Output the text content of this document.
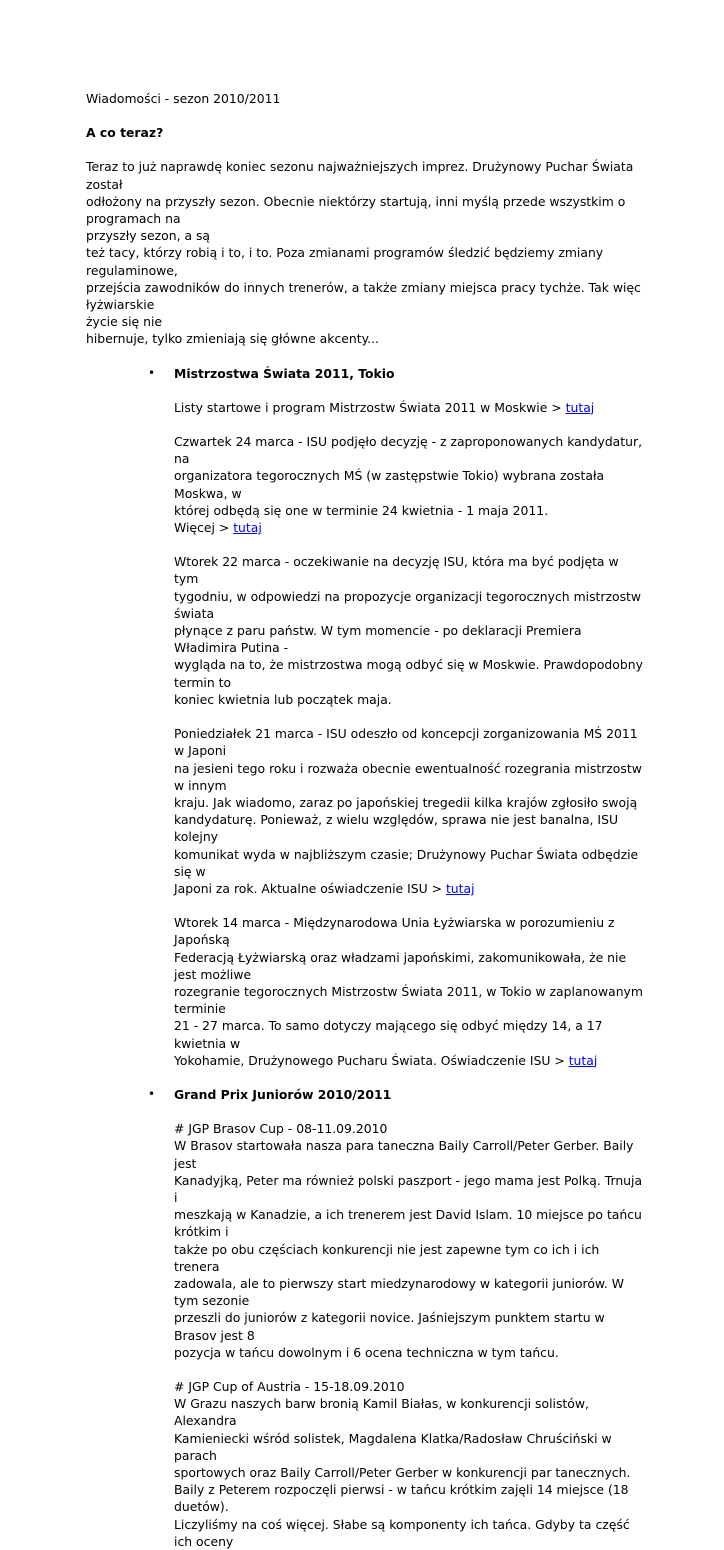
Wiadomości - sezon 2010/2011

A co teraz?

Teraz to już naprawdę koniec sezonu najważniejszych imprez. Drużynowy Puchar Świata został

odłożony na przyszły sezon. Obecnie niektórzy startują, inni myślą przede wszystkim o programach na

przyszły sezon, a są

też tacy, którzy robią i to, i to. Poza zmianami programów śledzić będziemy zmiany regulaminowe,

przejścia zawodników do innych trenerów, a także zmiany miejsca pracy tychże. Tak więc łyżwiarskie

życie się nie

hibernuje, tylko zmieniają się główne akcenty...

• Mistrzostwa Świata 2011, Tokio

Listy startowe i program Mistrzostw Świata 2011 w Moskwie > tutaj

Czwartek 24 marca - ISU podjęło decyzję - z zaproponowanych kandydatur, na

organizatora tegorocznych MŚ (w zastępstwie Tokio) wybrana została Moskwa, w

której odbędą się one w terminie 24 kwietnia - 1 maja 2011.

Więcej > tutaj

Wtorek 22 marca - oczekiwanie na decyzję ISU, która ma być podjęta w tym

tygodniu, w odpowiedzi na propozycje organizacji tegorocznych mistrzostw świata

płynące z paru państw. W tym momencie - po deklaracji Premiera Władimira Putina -

wygląda na to, że mistrzostwa mogą odbyć się w Moskwie. Prawdopodobny termin to

koniec kwietnia lub początek maja.

Poniedziałek 21 marca - ISU odeszło od koncepcji zorganizowania MŚ 2011 w Japoni

na jesieni tego roku i rozważa obecnie ewentualność rozegrania mistrzostw w innym

kraju. Jak wiadomo, zaraz po japońskiej tregedii kilka krajów zgłosiło swoją

kandydaturę. Ponieważ, z wielu względów, sprawa nie jest banalna, ISU kolejny

komunikat wyda w najbliższym czasie; Drużynowy Puchar Świata odbędzie się w

Japoni za rok. Aktualne oświadczenie ISU > tutaj

Wtorek 14 marca - Międzynarodowa Unia Łyżwiarska w porozumieniu z Japońską

Federacją Łyżwiarską oraz władzami japońskimi, zakomunikowała, że nie jest możliwe

rozegranie tegorocznych Mistrzostw Świata 2011, w Tokio w zaplanowanym terminie

21 - 27 marca. To samo dotyczy mającego się odbyć między 14, a 17 kwietnia w

Yokohamie, Drużynowego Pucharu Świata. Oświadczenie ISU > tutaj

• Grand Prix Juniorów 2010/2011

# JGP Brasov Cup - 08-11.09.2010

W Brasov startowała nasza para taneczna Baily Carroll/Peter Gerber. Baily jest

Kanadyjką, Peter ma również polski paszport - jego mama jest Polką. Trnuja i

meszkają w Kanadzie, a ich trenerem jest David Islam. 10 miejsce po tańcu krótkim i

także po obu częściach konkurencji nie jest zapewne tym co ich i ich trenera

zadowala, ale to pierwszy start miedzynarodowy w kategorii juniorów. W tym sezonie

przeszli do juniorów z kategorii novice. Jaśniejszym punktem startu w Brasov jest 8

pozycja w tańcu dowolnym i 6 ocena techniczna w tym tańcu.

# JGP Cup of Austria - 15-18.09.2010

W Grazu naszych barw bronią Kamil Białas, w konkurencji solistów, Alexandra

Kamieniecki wśród solistek, Magdalena Klatka/Radosław Chruściński w parach

sportowych oraz Baily Carroll/Peter Gerber w konkurencji par tanecznych.

Baily z Peterem rozpoczęli pierwsi - w tańcu krótkim zajęli 14 miejsce (18 duetów).

Liczyliśmy na coś więcej. Słabe są komponenty ich tańca. Gdyby ta część ich oceny
